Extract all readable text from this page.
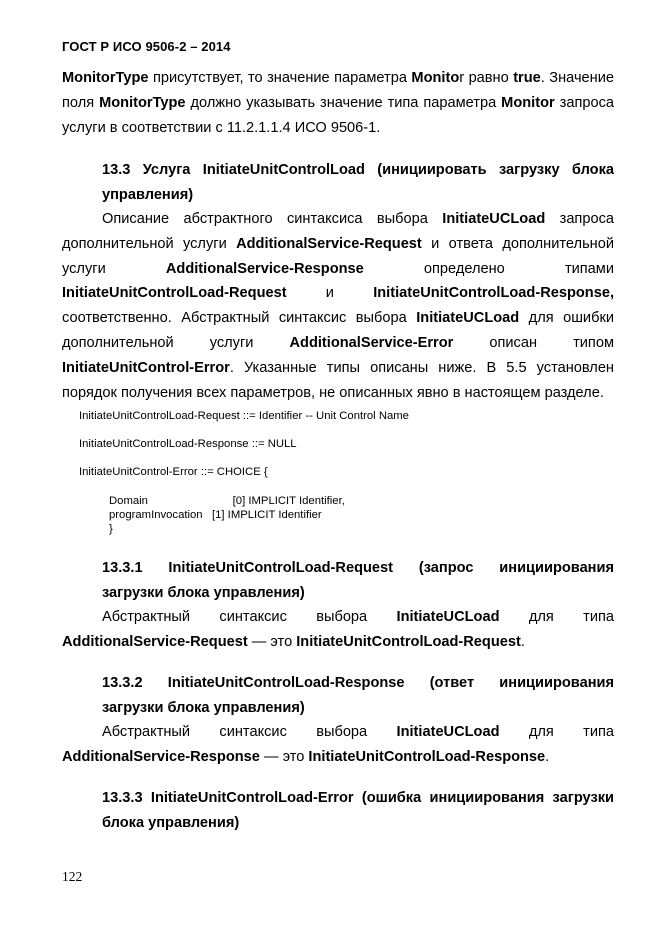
ГОСТ Р ИСО 9506-2 – 2014
MonitorType присутствует, то значение параметра Monitor равно true. Значение поля MonitorType должно указывать значение типа параметра Monitor запроса услуги в соответствии с 11.2.1.1.4 ИСО 9506-1.
13.3 Услуга InitiateUnitControlLoad (инициировать загрузку блока управления)
Описание абстрактного синтаксиса выбора InitiateUCLoad запроса дополнительной услуги AdditionalService-Request и ответа дополнительной услуги AdditionalService-Response определено типами InitiateUnitControlLoad-Request и InitiateUnitControlLoad-Response, соответственно. Абстрактный синтаксис выбора InitiateUCLoad для ошибки дополнительной услуги AdditionalService-Error описан типом InitiateUnitControl-Error. Указанные типы описаны ниже. В 5.5 установлен порядок получения всех параметров, не описанных явно в настоящем разделе.
InitiateUnitControlLoad-Request ::= Identifier -- Unit Control Name
InitiateUnitControlLoad-Response ::= NULL
InitiateUnitControl-Error ::= CHOICE {
Domain                           [0] IMPLICIT Identifier,
programInvocation   [1] IMPLICIT Identifier
}
13.3.1 InitiateUnitControlLoad-Request (запрос инициирования загрузки блока управления)
Абстрактный синтаксис выбора InitiateUCLoad для типа AdditionalService-Request — это InitiateUnitControlLoad-Request.
13.3.2 InitiateUnitControlLoad-Response (ответ инициирования загрузки блока управления)
Абстрактный синтаксис выбора InitiateUCLoad для типа AdditionalService-Response — это InitiateUnitControlLoad-Response.
13.3.3 InitiateUnitControlLoad-Error (ошибка инициирования загрузки блока управления)
122
